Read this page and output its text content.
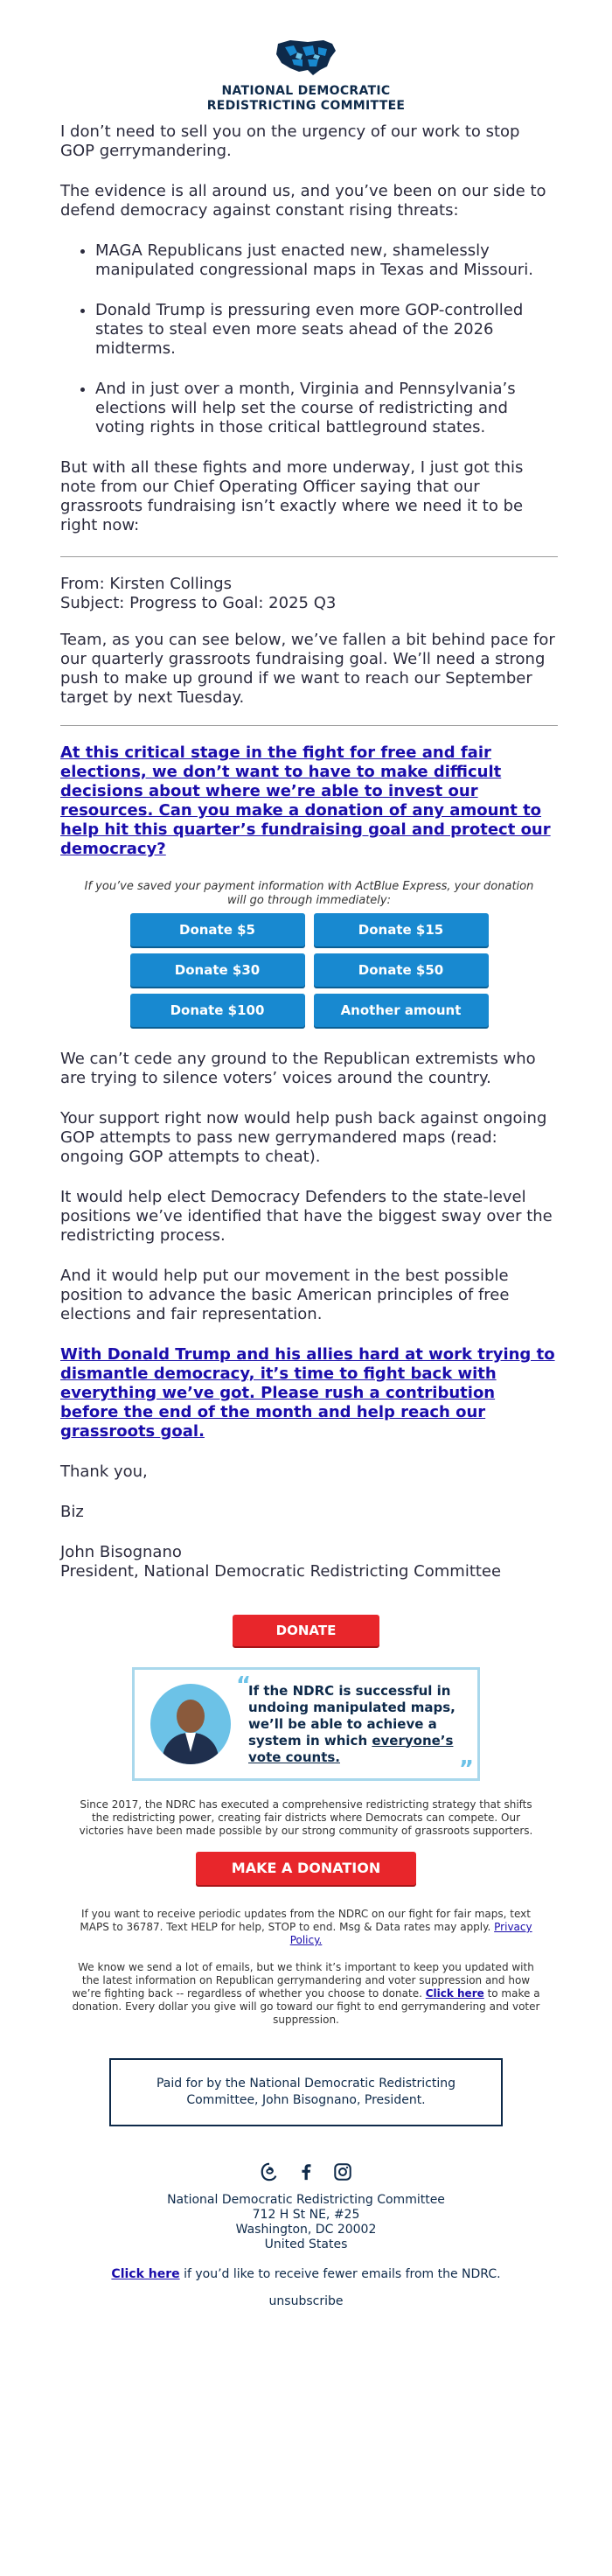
NATIONAL DEMOCRATIC
REDISTRICTING COMMITTEE

I don’t need to sell you on the urgency of our work to stop GOP gerrymandering.

The evidence is all around us, and you’ve been on our side to defend democracy against constant rising threats:

• MAGA Republicans just enacted new, shamelessly manipulated congressional maps in Texas and Missouri.
• Donald Trump is pressuring even more GOP-controlled states to steal even more seats ahead of the 2026 midterms.
• And in just over a month, Virginia and Pennsylvania’s elections will help set the course of redistricting and voting rights in those critical battleground states.

But with all these fights and more underway, I just got this note from our Chief Operating Officer saying that our grassroots fundraising isn’t exactly where we need it to be right now:

From: Kirsten Collings
Subject: Progress to Goal: 2025 Q3

Team, as you can see below, we’ve fallen a bit behind pace for our quarterly grassroots fundraising goal. We’ll need a strong push to make up ground if we want to reach our September target by next Tuesday.

At this critical stage in the fight for free and fair elections, we don’t want to have to make difficult decisions about where we’re able to invest our resources. Can you make a donation of any amount to help hit this quarter’s fundraising goal and protect our democracy?

If you’ve saved your payment information with ActBlue Express, your donation will go through immediately:

Donate $5	Donate $15
Donate $30	Donate $50
Donate $100	Another amount

We can’t cede any ground to the Republican extremists who are trying to silence voters’ voices around the country.

Your support right now would help push back against ongoing GOP attempts to pass new gerrymandered maps (read: ongoing GOP attempts to cheat).

It would help elect Democracy Defenders to the state-level positions we’ve identified that have the biggest sway over the redistricting process.

And it would help put our movement in the best possible position to advance the basic American principles of free elections and fair representation.

With Donald Trump and his allies hard at work trying to dismantle democracy, it’s time to fight back with everything we’ve got. Please rush a contribution before the end of the month and help reach our grassroots goal.

Thank you,

Biz

John Bisognano
President, National Democratic Redistricting Committee
DONATE
“
If the NDRC is successful in undoing manipulated maps, we’ll be able to achieve a system in which everyone’s vote counts.	”

Since 2017, the NDRC has executed a comprehensive redistricting strategy that shifts the redistricting power, creating fair districts where Democrats can compete. Our victories have been made possible by our strong community of grassroots supporters.

MAKE A DONATION

If you want to receive periodic updates from the NDRC on our fight for fair maps, text MAPS to 36787. Text HELP for help, STOP to end. Msg & Data rates may apply. Privacy Policy.

We know we send a lot of emails, but we think it’s important to keep you updated with the latest information on Republican gerrymandering and voter suppression and how we’re fighting back -- regardless of whether you choose to donate. Click here to make a donation. Every dollar you give will go toward our fight to end gerrymandering and voter suppression.

Paid for by the National Democratic Redistricting Committee, John Bisognano, President.
National Democratic Redistricting Committee
712 H St NE, #25
Washington, DC 20002
United States
Click here if you’d like to receive fewer emails from the NDRC.
unsubscribe
